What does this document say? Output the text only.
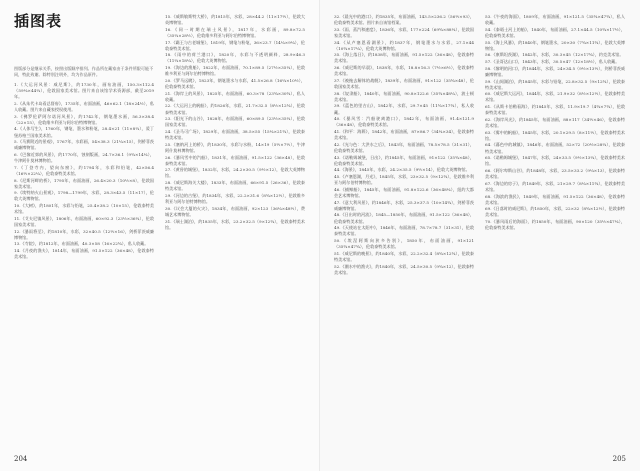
插图表
图版部分是继承关系，按照出版顺序排列。作品所在藏家由于条件所限可能不同，特此致谢。除特别注明外，均为作品原件。

1.《大运河风景：威尼斯》，约1730年，画布油画，150.3×112.4（59¼×44¼），伦敦国家美术馆。图片来自该馆学术资源部，截至2019年。

2.《从朱代卡岛看总督府》，1735年，布面油画，46×62.1（18×24½），私人收藏。图片来自藏家授权使用。

3.《佛罗伦萨阿尔诺河风景》，约1742年，钢笔墨水画，56.3×38.4（22×15），伦敦维多利亚与阿尔伯特博物馆。

4.《人体写生》，1760年，钢笔、墨水和粉笔，28.4×21（11×8¼），爱丁堡苏格兰国家美术馆。

5.《马赛附近的景观》，1767年，水彩画，54×38.3（21¼×15），剑桥菲茨威廉博物馆。

6.《巴黎近郊的风景》，约1770年，蚀刻版画，24.7×36.1（9¾×14¼），牛津阿什莫林博物馆。

7.《丁登寺内，望向东窗》，约1794年，水彩和铅笔，42×56.4（16½×22¼），伦敦泰特美术馆。

8.《尼斯河畔的桥》，1795年，布面油画，26.4×20.3（10½×8），伦敦国家美术馆。

9.《埃特纳火山景观》，1798—1799年，水彩，28.3×43.5（11×17），伦敦大英博物馆。

10.《大树》，约1801年，水彩与铅笔，25.4×38.2（10×15），伦敦泰特美术馆。

11.《艾夫尼镇风景》，1806年，布面油画，60×92.3（23½×36¼），伦敦国家美术馆。

12.《暴雨将至》，约1810年，水彩，32×40.5（12½×16），剑桥菲茨威廉博物馆。

13.《寺院》，约1812年，布面油画，40.3×58（16×22¾），私人收藏。

14.《月夜的渔夫》，1814年，布面油画，91.5×122（36×48），伦敦泰特美术馆。

15.《威斯敏斯特大桥》，约1815年，水彩，28×44.2（11×17½），伦敦大英博物馆。

16.《同一时期在瑞士风景》，1817年，水彩画，89.8×72.5（35¼×28½），伦敦维多利亚与阿尔伯特博物馆。

17.《霸王与古老城堡》，1819年，钢笔与粉笔，36×23.7（14¼×9¼），伦敦泰特美术馆。

18.《雨中的荷兰港口》，1820年，水彩与不透明颜料，28.9×46.3（11¼×18¼），伦敦大英博物馆。

19.《海边的渔船》，1822年，布面油画，70.1×89.5（27½×35¼），伦敦维多利亚与阿尔伯特博物馆。

20.《罗马远眺》，1823年，钢笔墨水与水彩，41.5×26.8（16¼×10½），伦敦泰特美术馆。

21.《海岸上的风景》，1825年，布面油画，60.3×78（23¾×30¾），私人收藏。

22.《大运河上的帆船》，约1826年，水彩，21.7×32.5（8½×12¾），伦敦泰特美术馆。

23.《阳光下的山谷》，1828年，布面油画，60×89.5（23½×35¼），伦敦国家美术馆。

24.《圣马可广场》，1829年，布面油画，38.5×55（15¼×21¾），伦敦泰特美术馆。

25.《塞纳河上的桥》，约1830年，水彩与水粉，14×19（5½×7½），牛津阿什莫林博物馆。

26.《暴风雪中的汽船》，1831年，布面油画，91.5×122（36×48），伦敦泰特美术馆。

27.《黄昏的城堡》，1832年，水彩，24.2×30.5（9½×12），伦敦大英博物馆。

28.《威尼斯海关大楼》，1833年，布面油画，66×91.5（26×36），伦敦泰特美术馆。

29.《河边的古堡》，约1834年，水彩，22.2×31.6（8¾×12½），伦敦维多利亚与阿尔伯特博物馆。

30.《议会大厦的火灾》，1834年，布面油画，92×123（36¼×48½），费城艺术博物馆。

31.《瑞士湖泊》，约1835年，水彩，23.2×32.5（9×12¾），伦敦泰特美术馆。

204

32.《晨光中的港口》，约1835年，布面油画，143.5×236.2（56½×93），伦敦泰特美术馆。图片来自该馆档案。

33.《雨、蒸汽和速度》，1836年，水彩，177×224（69¾×88¼），伦敦国家美术馆。

34.《从卢塞恩看湖景》，约1837年，钢笔墨水与水彩，27.1×44（10¾×17¼），伦敦大英博物馆。

35.《海上落日》，约1838年，布面油画，91.5×122（36×48），伦敦泰特美术馆。

36.《威尼斯的早晨》，1838年，水彩，18.8×16.3（7½×6½），伦敦泰特美术馆。

37.《被拖去解体的战舰》，1839年，布面油画，91×122（35¾×48），伦敦国家美术馆。

38.《奴隶船》，1840年，布面油画，90.8×122.6（35¾×48¼），波士顿美术馆。

39.《蓝色的里吉山》，1842年，水彩，29.7×45（11¾×17¾），私人收藏。

40.《暴风雪：汽船驶离港口》，1842年，布面油画，91.4×121.9（36×48），伦敦泰特美术馆。

41.《和平：海葬》，1842年，布面油画，87×86.7（34¼×34），伦敦泰特美术馆。

42.《光与色：大洪水之后》，1843年，布面油画，78.5×78.5（31×31），伦敦泰特美术馆。

43.《诺勒姆城堡，日出》，约1845年，布面油画，91×122（35¾×48），伦敦泰特美术馆。

44.《海景》，1845年，水彩，24.2×35.5（9½×14），伦敦大英博物馆。

45.《卢塞恩湖，月光》，1845年，水彩，23×32.5（9×12¾），伦敦维多利亚与阿尔伯特博物馆。

46.《捕鲸船》，1845年，布面油画，91.8×122.6（36×48¼），纽约大都会艺术博物馆。

47.《意大利风景》，约1846年，水彩，25.3×37.5（10×14¾），剑桥菲茨威廉博物馆。

48.《日出时的河流》，1845—1850年，布面油画，91.5×122（36×48），伦敦泰特美术馆。

49.《天使站在太阳中》，1846年，布面油画，78.7×78.7（31×31），伦敦泰特美术馆。

50.《埃涅阿斯向狄多告别》，1850年，布面油画，91×121（35¾×47¾），伦敦泰特美术馆。

51.《威尼斯的晚景》，约1840年，水彩，22.2×32.4（8¾×12¾），伦敦泰特美术馆。

52.《潮水中的渔夫》，约1840年，水彩，24.5×30.5（9¾×12），伦敦泰特美术馆。

53.《午夜的海面》，1809年，布面油画，91×121.5（35¾×47¾），私人收藏。

54.《泰晤士河上的船》，1840年，布面油画，27.1×44.5（10¾×17½），伦敦泰特美术馆。

55.《海上风暴》，约1840年，钢笔墨水，20×30（7¾×11¾），伦敦大英博物馆。

56.《康斯坦茨湖》，1842年，水彩，30.3×45（12×17¾），约克美术馆。

57.《圣哥达山口》，1843年，水彩，30.5×47（12×18½），私人收藏。

58.《黎明的河口》，约1844年，水彩，24×34.5（9½×13½），剑桥菲茨威廉博物馆。

59.《山间湖泊》，约1845年，水彩与铅笔，22.8×32.5（9×12¾），伦敦泰特美术馆。

60.《威尼斯大运河》，1844年，水彩，21.9×32（8½×12½），伦敦泰特美术馆。

61.《从斯卡伯勒看海》，约1845年，水彩，11.9×19.7（4¾×7¾），伦敦泰特美术馆。

62.《海岸风光》，约1845年，布面油画，88×117（34½×46），伦敦泰特美术馆。

63.《雾中的帆船》，1845年，水彩，20.1×29.5（8×11½），伦敦泰特美术馆。

64.《暮色中的城镇》，1846年，布面油画，52×72（20½×28¼），伦敦泰特美术馆。

65.《诺勒姆城堡》，1847年，水彩，24×33.5（9½×13¼），伦敦泰特美术馆。

66.《阿尔卑斯山谷》，约1848年，水彩，23.5×33.2（9¼×13），伦敦泰特美术馆。

67.《海边的房子》，约1849年，水彩，21×29.7（8¼×11¾），伦敦泰特美术馆。

68.《海滨的渔民》，1849年，布面油画，91.5×122（36×48），伦敦泰特美术馆。

69.《日落时的威尼斯》，约1850年，水彩，22×32（8¾×12½），伦敦泰特美术馆。

70.《暴风雨后的海面》，约1850年，布面油画，90×120（35½×47¼），伦敦泰特美术馆。

205
